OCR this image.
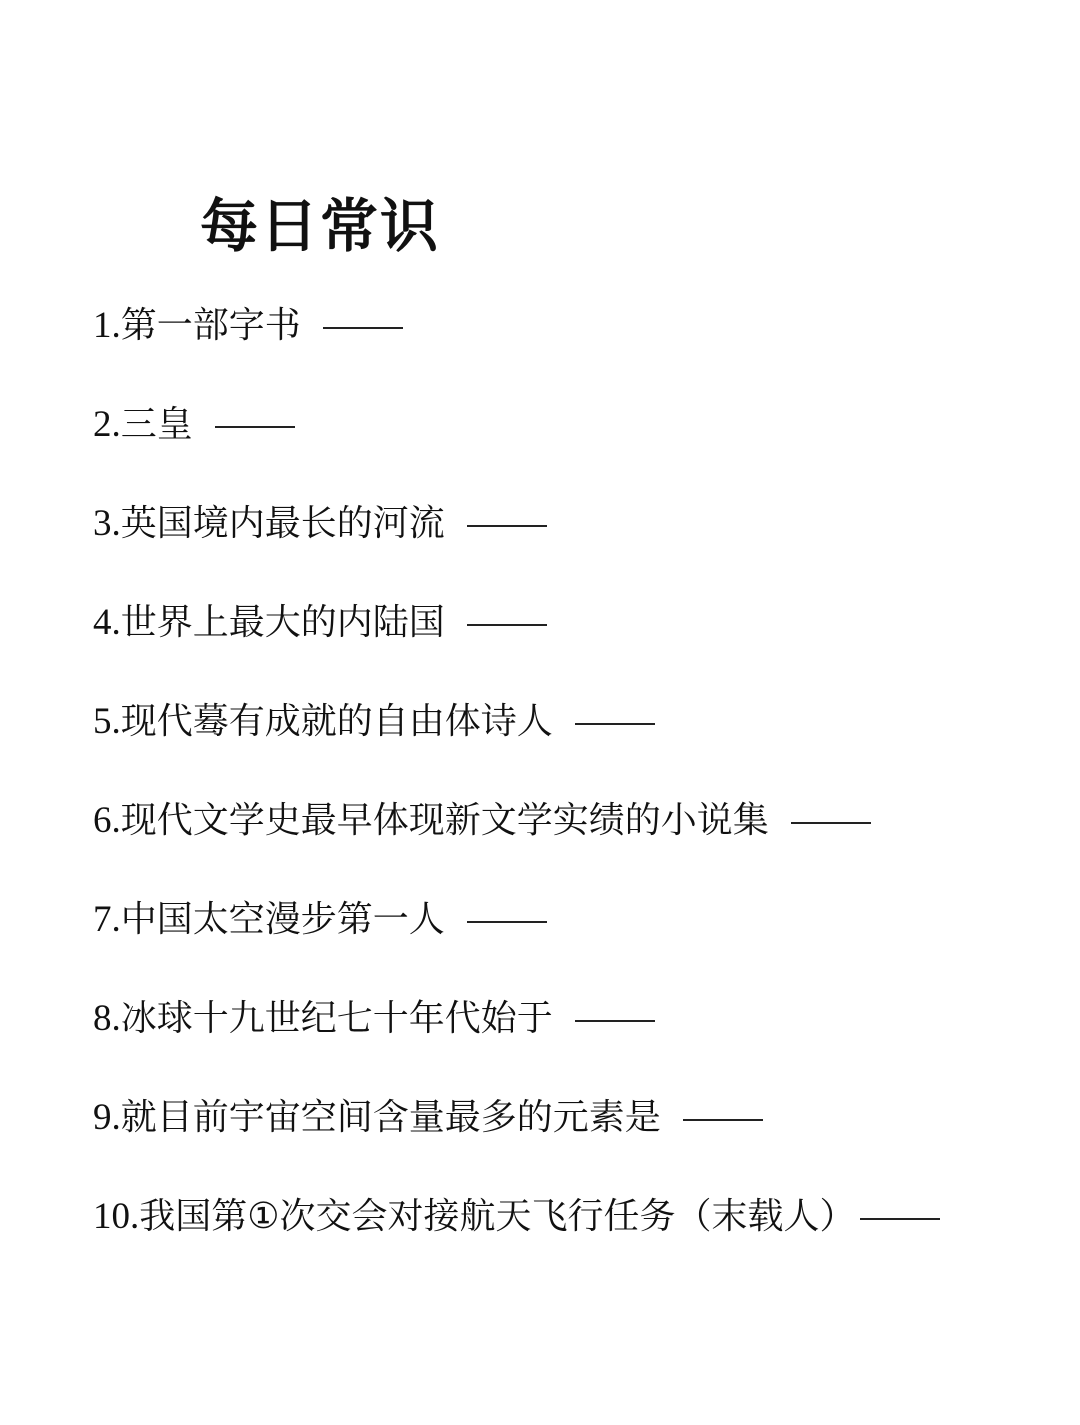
每日常识
1. 第一部字书
2. 三皇
3. 英国境内最长的河流
4. 世界上最大的内陆国
5. 现代蓦有成就的自由体诗人
6. 现代文学史最早体现新文学实绩的小说集
7. 中国太空漫步第一人
8. 冰球十九世纪七十年代始于
9. 就目前宇宙空间含量最多的元素是
10. 我国第①次交会对接航天飞行任务（末载人）
